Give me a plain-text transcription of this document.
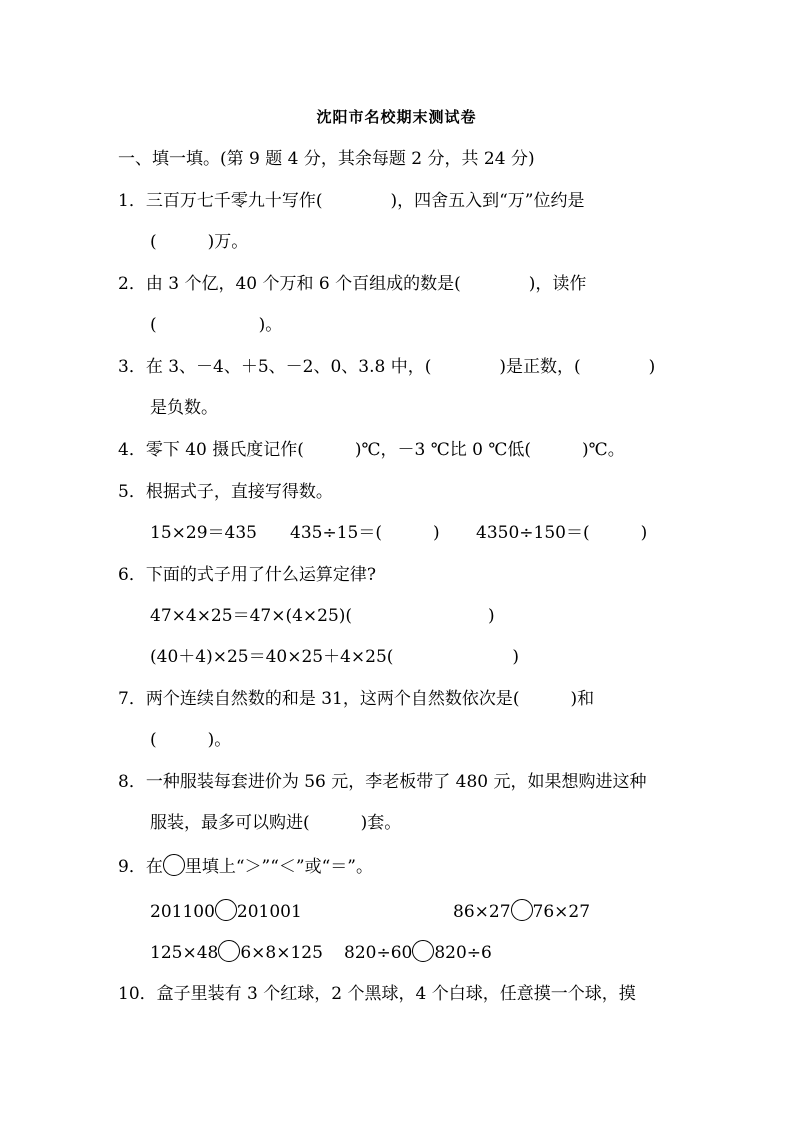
沈阳市名校期末测试卷
一、填一填。(第 9 题 4 分，其余每题 2 分，共 24 分)
1．三百万七千零九十写作(　　　　)，四舍五入到“万”位约是
(　　　)万。
2．由 3 个亿，40 个万和 6 个百组成的数是(　　　　)，读作
(　　　　　　)。
3．在 3、－4、＋5、－2、0、3.8 中，(　　　　)是正数，(　　　　)
是负数。
4．零下 40 摄氏度记作(　　　)℃，－3 ℃比 0 ℃低(　　　)℃。
5．根据式子，直接写得数。
15×29＝435 435÷15＝(　　　) 4350÷150＝(　　　)
6．下面的式子用了什么运算定律?
47×4×25＝47×(4×25)(　　　　　　　　)
(40＋4)×25＝40×25＋4×25(　　　　　　　)
7．两个连续自然数的和是 31，这两个自然数依次是(　　　)和
(　　　)。
8．一种服装每套进价为 56 元，李老板带了 480 元，如果想购进这种
服装，最多可以购进(　　　)套。
9．在 里填上“＞”“＜”或“＝”。
201100 201001	86×27 76×27
125×48 6×8×125 820÷60 820÷6
10．盒子里装有 3 个红球，2 个黑球，4 个白球，任意摸一个球，摸
